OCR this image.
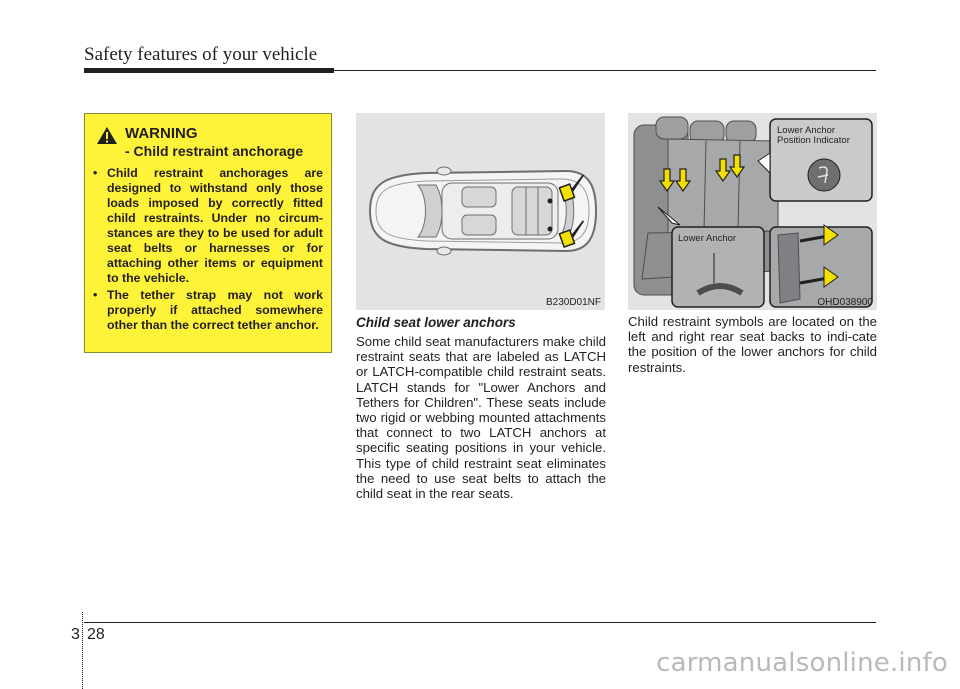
Safety features of your vehicle
WARNING
- Child restraint anchorage
• Child restraint anchorages are designed to withstand only those loads imposed by correctly fitted child restraints. Under no circum-stances are they to be used for adult seat belts or harnesses or for attaching other items or equipment to the vehicle.
• The tether strap may not work properly if attached somewhere other than the correct tether anchor.
B230D01NF
Lower Anchor
Position Indicator
Lower Anchor
OHD038900
Child seat lower anchors

Some child seat manufacturers make child restraint seats that are labeled as LATCH or LATCH-compatible child restraint seats. LATCH stands for "Lower Anchors and Tethers for Children". These seats include two rigid or webbing mounted attachments that connect to two LATCH anchors at specific seating positions in your vehicle. This type of child restraint seat eliminates the need to use seat belts to attach the child seat in the rear seats.

Child restraint symbols are located on the left and right rear seat backs to indi-cate the position of the lower anchors for child restraints.

3 28
carmanualsonline.info
